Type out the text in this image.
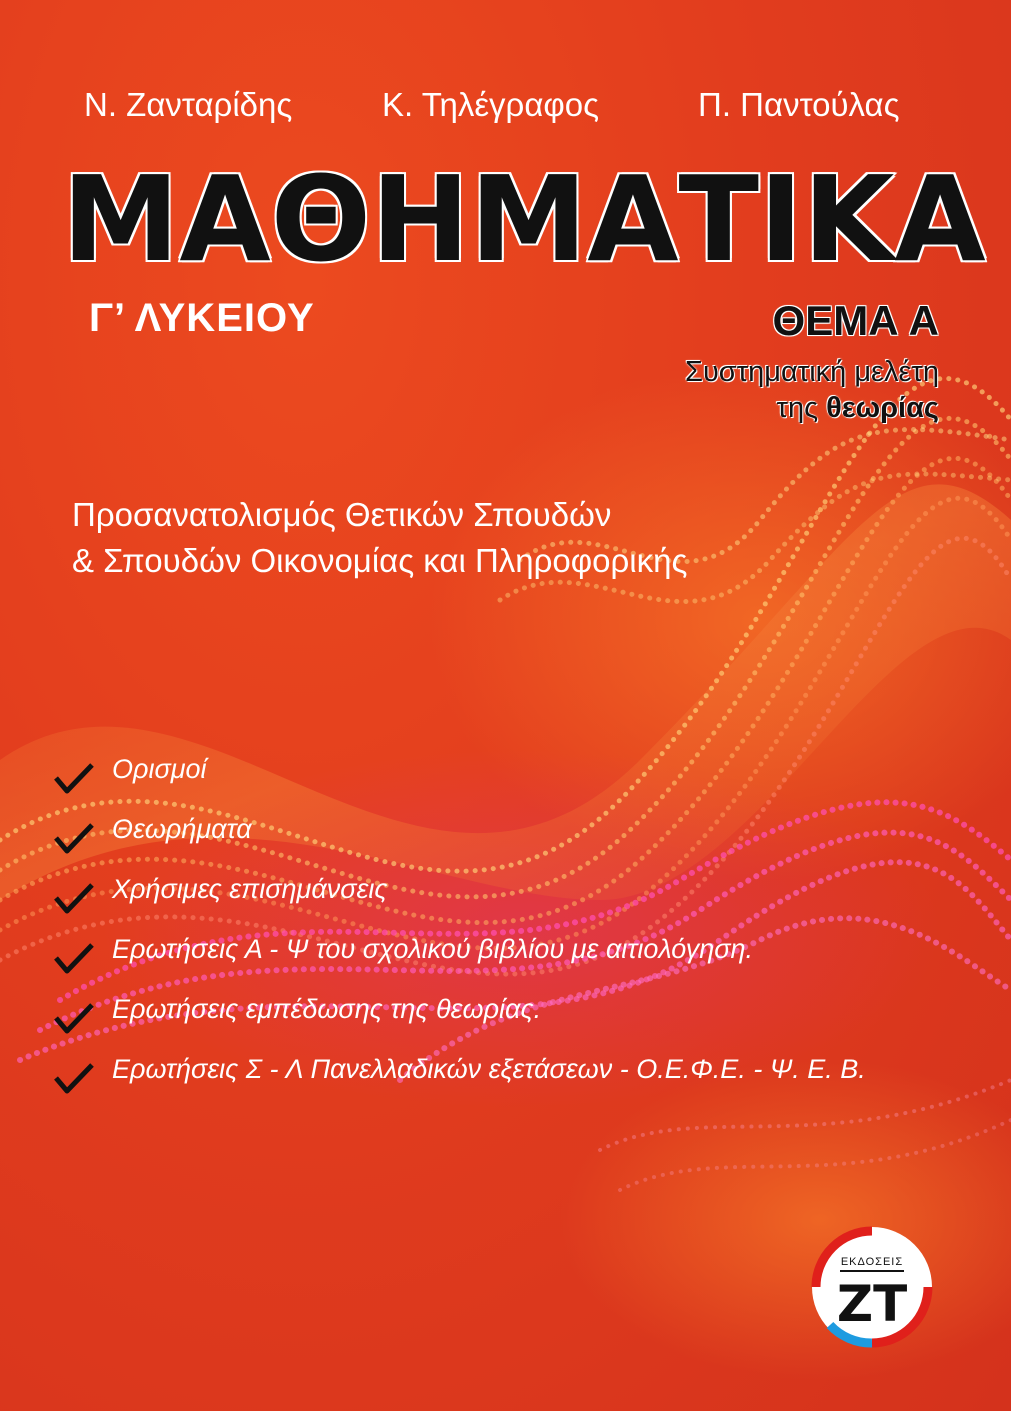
Ν. Ζανταρίδης	Κ. Τηλέγραφος	Π. Παντούλας
ΜΑΘΗΜΑΤΙΚΑ
Γ’ ΛΥΚΕΙΟΥ	ΘΕΜΑ Α
Συστηματική μελέτη
της θεωρίας
Προσανατολισμός Θετικών Σπουδών
& Σπουδών Οικονομίας και Πληροφορικής
Ορισμοί
Θεωρήματα
Χρήσιμες επισημάνσεις
Ερωτήσεις Α - Ψ του σχολικού βιβλίου με αιτιολόγηση.
Ερωτήσεις εμπέδωσης της θεωρίας.
Ερωτήσεις Σ - Λ Πανελλαδικών εξετάσεων - Ο.Ε.Φ.Ε. - Ψ. Ε. Β.
ΕΚΔΟΣΕΙΣ
ZT
